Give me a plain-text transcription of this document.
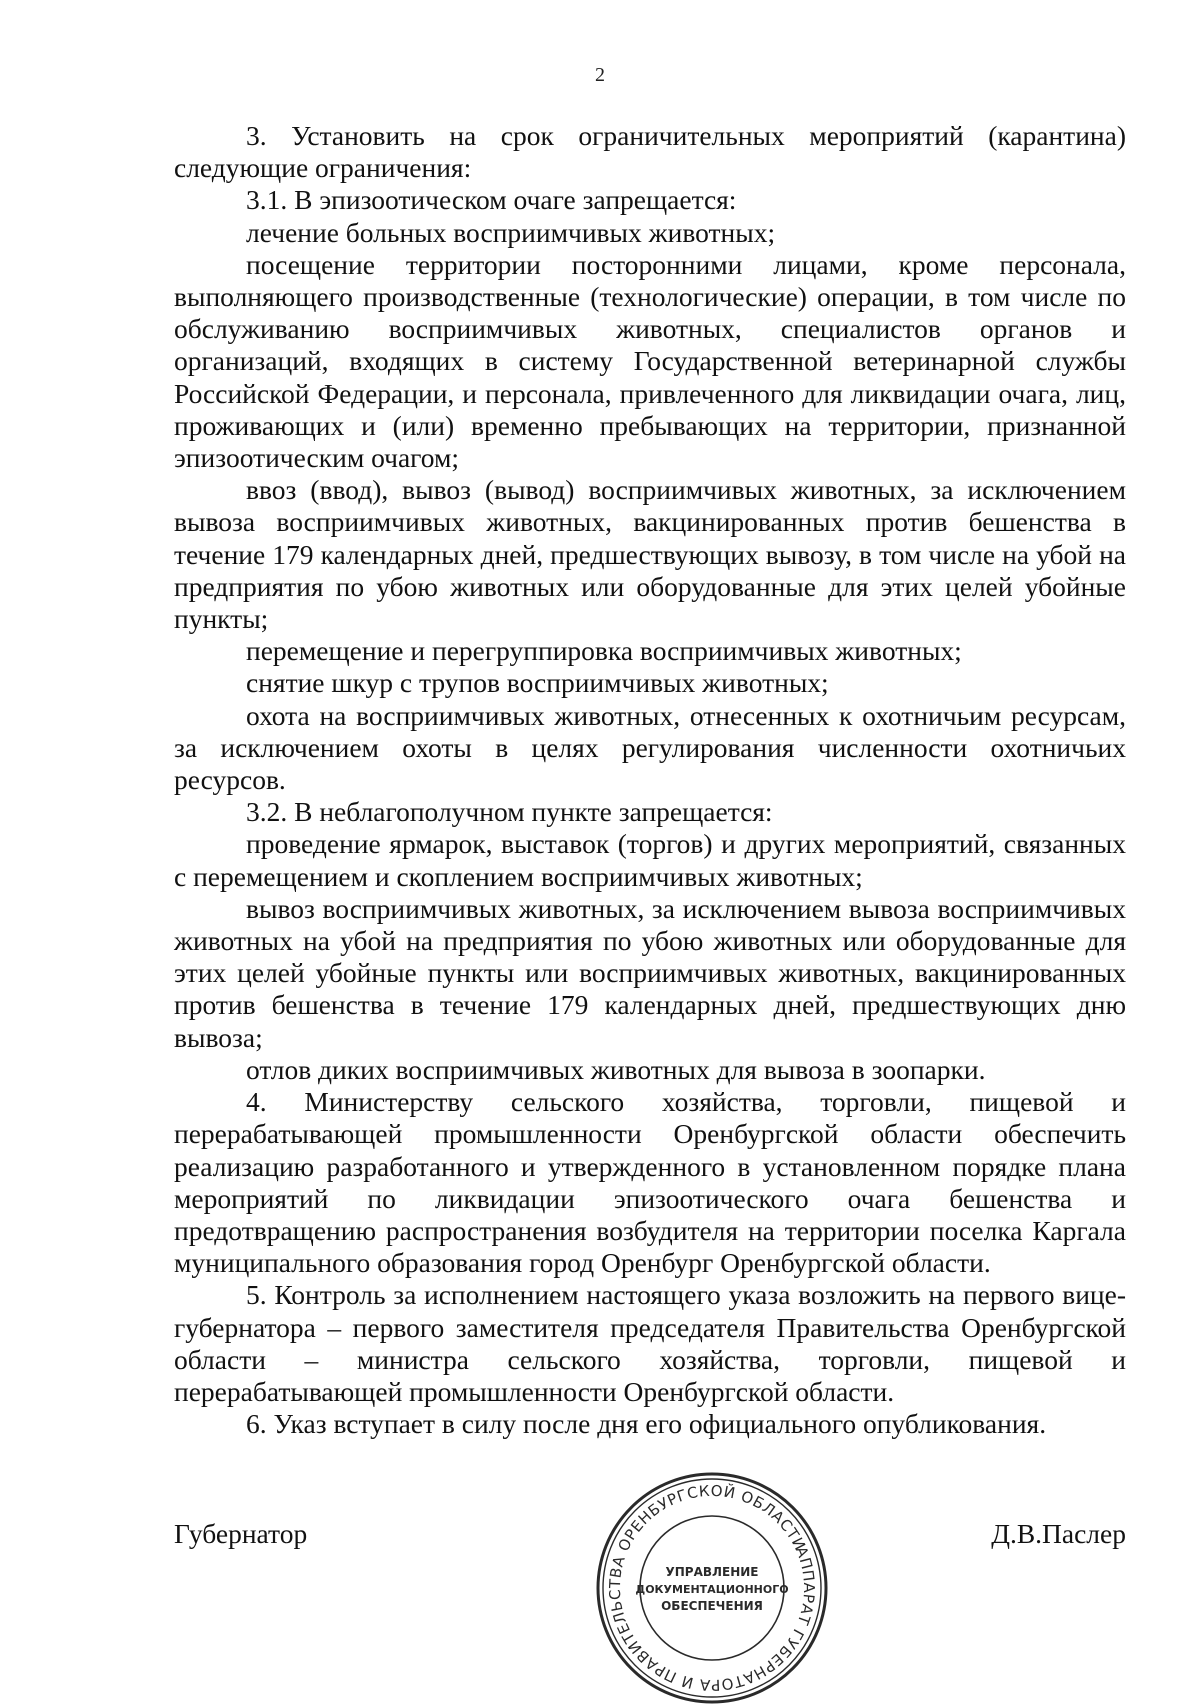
2

3. Установить на срок ограничительных мероприятий (карантина) следующие ограничения:

3.1. В эпизоотическом очаге запрещается:

лечение больных восприимчивых животных;

посещение территории посторонними лицами, кроме персонала, выполняющего производственные (технологические) операции, в том числе по обслуживанию восприимчивых животных, специалистов органов и организаций, входящих в систему Государственной ветеринарной службы Российской Федерации, и персонала, привлеченного для ликвидации очага, лиц, проживающих и (или) временно пребывающих на территории, признанной эпизоотическим очагом;

ввоз (ввод), вывоз (вывод) восприимчивых животных, за исключением вывоза восприимчивых животных, вакцинированных против бешенства в течение 179 календарных дней, предшествующих вывозу, в том числе на убой на предприятия по убою животных или оборудованные для этих целей убойные пункты;

перемещение и перегруппировка восприимчивых животных;

снятие шкур с трупов восприимчивых животных;

охота на восприимчивых животных, отнесенных к охотничьим ресурсам, за исключением охоты в целях регулирования численности охотничьих ресурсов.

3.2. В неблагополучном пункте запрещается:

проведение ярмарок, выставок (торгов) и других мероприятий, связанных с перемещением и скоплением восприимчивых животных;

вывоз восприимчивых животных, за исключением вывоза восприимчивых животных на убой на предприятия по убою животных или оборудованные для этих целей убойные пункты или восприимчивых животных, вакцинированных против бешенства в течение 179 календарных дней, предшествующих дню вывоза;

отлов диких восприимчивых животных для вывоза в зоопарки.

4. Министерству сельского хозяйства, торговли, пищевой и перерабатывающей промышленности Оренбургской области обеспечить реализацию разработанного и утвержденного в установленном порядке плана мероприятий по ликвидации эпизоотического очага бешенства и предотвращению распространения возбудителя на территории поселка Каргала муниципального образования город Оренбург Оренбургской области.

5. Контроль за исполнением настоящего указа возложить на первого вице-губернатора – первого заместителя председателя Правительства Оренбургской области – министра сельского хозяйства, торговли, пищевой и перерабатывающей промышленности Оренбургской области.

6. Указ вступает в силу после дня его официального опубликования.

Губернатор	Д.В.Паслер
АППАРАТ ГУБЕРНАТОРА И ПРАВИТЕЛЬСТВА ОРЕНБУРГСКОЙ ОБЛАСТИ
УПРАВЛЕНИЕ
ДОКУМЕНТАЦИОННОГО
ОБЕСПЕЧЕНИЯ
